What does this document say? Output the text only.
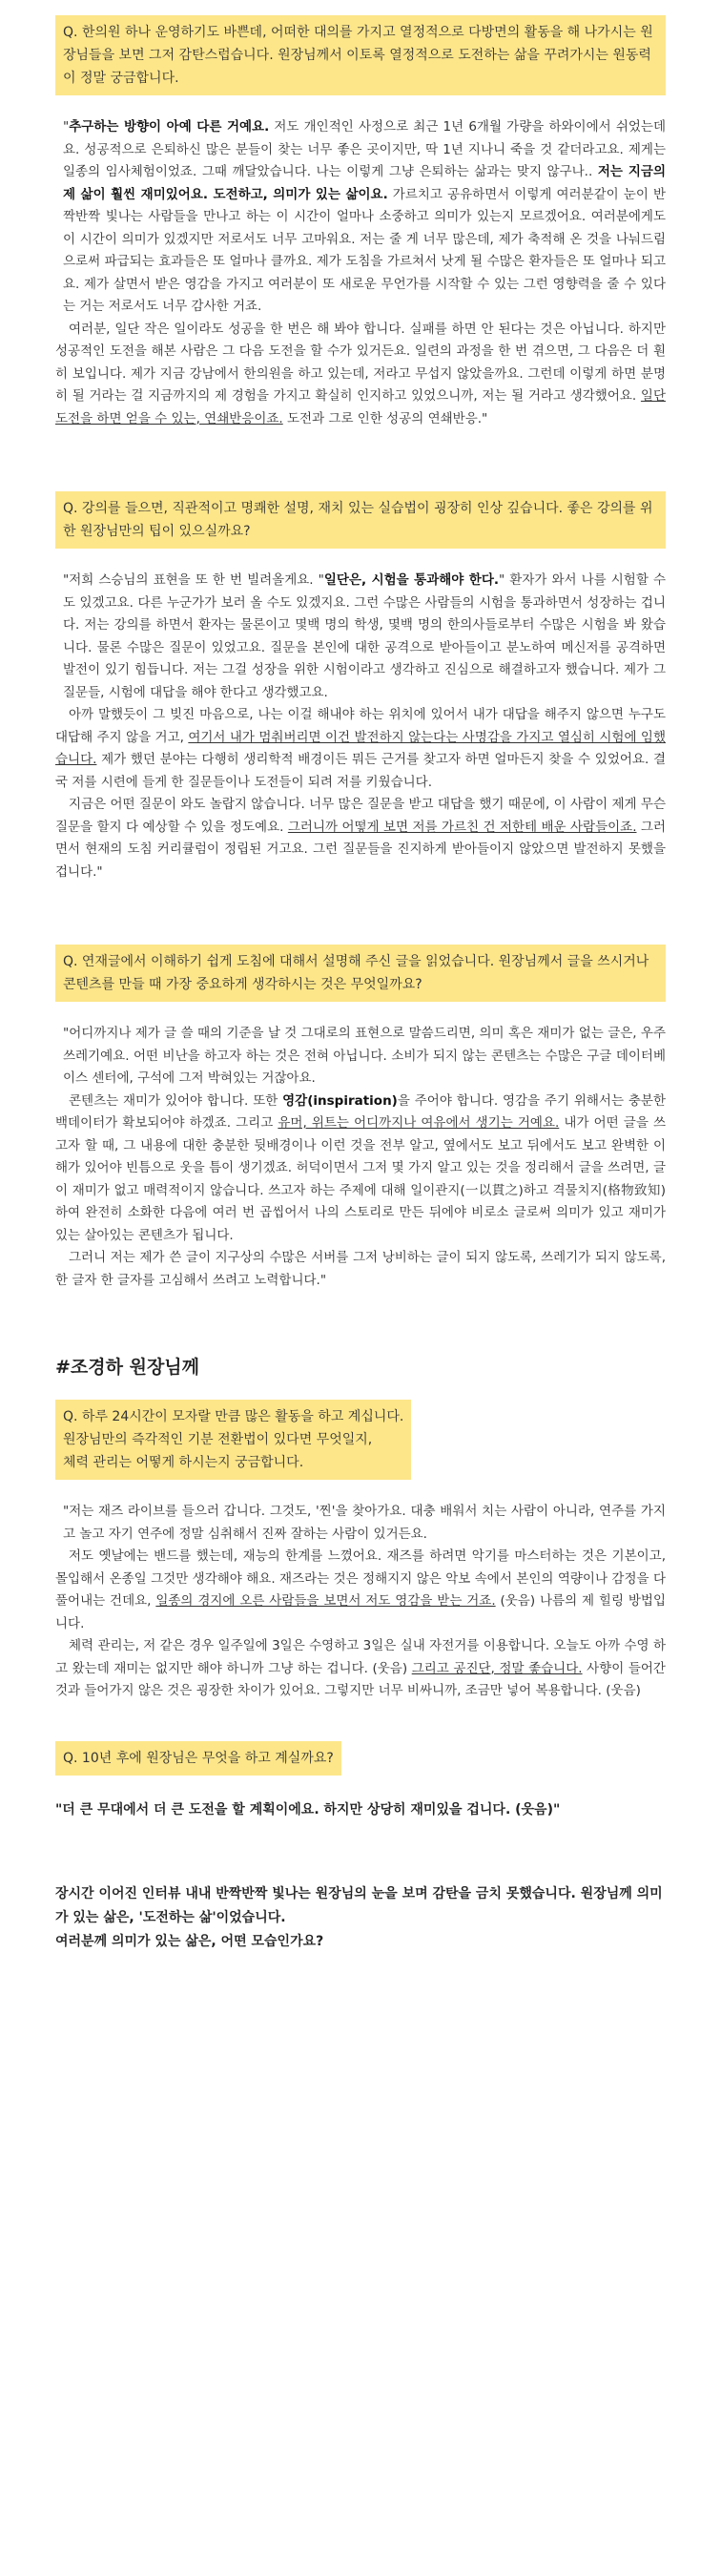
Q. 한의원 하나 운영하기도 바쁜데, 어떠한 대의를 가지고 열정적으로 다방면의 활동을 해 나가시는 원장님들을 보면 그저 감탄스럽습니다. 원장님께서 이토록 열정적으로 도전하는 삶을 꾸려가시는 원동력이 정말 궁금합니다.

"추구하는 방향이 아예 다른 거예요. 저도 개인적인 사정으로 최근 1년 6개월 가량을 하와이에서 쉬었는데요. 성공적으로 은퇴하신 많은 분들이 찾는 너무 좋은 곳이지만, 딱 1년 지나니 죽을 것 같더라고요. 제게는 일종의 임사체험이었죠. 그때 깨달았습니다. 나는 이렇게 그냥 은퇴하는 삶과는 맞지 않구나.. 저는 지금의 제 삶이 훨씬 재미있어요. 도전하고, 의미가 있는 삶이요. 가르치고 공유하면서 이렇게 여러분같이 눈이 반짝반짝 빛나는 사람들을 만나고 하는 이 시간이 얼마나 소중하고 의미가 있는지 모르겠어요. 여러분에게도 이 시간이 의미가 있겠지만 저로서도 너무 고마워요. 저는 줄 게 너무 많은데, 제가 축적해 온 것을 나눠드림으로써 파급되는 효과들은 또 얼마나 클까요. 제가 도침을 가르쳐서 낫게 될 수많은 환자들은 또 얼마나 되고요. 제가 살면서 받은 영감을 가지고 여러분이 또 새로운 무언가를 시작할 수 있는 그런 영향력을 줄 수 있다는 거는 저로서도 너무 감사한 거죠.

여러분, 일단 작은 일이라도 성공을 한 번은 해 봐야 합니다. 실패를 하면 안 된다는 것은 아닙니다. 하지만 성공적인 도전을 해본 사람은 그 다음 도전을 할 수가 있거든요. 일련의 과정을 한 번 겪으면, 그 다음은 더 훤히 보입니다. 제가 지금 강남에서 한의원을 하고 있는데, 저라고 무섭지 않았을까요. 그런데 이렇게 하면 분명히 될 거라는 걸 지금까지의 제 경험을 가지고 확실히 인지하고 있었으니까, 저는 될 거라고 생각했어요. 일단 도전을 하면 얻을 수 있는, 연쇄반응이죠. 도전과 그로 인한 성공의 연쇄반응."

Q. 강의를 들으면, 직관적이고 명쾌한 설명, 재치 있는 실습법이 굉장히 인상 깊습니다. 좋은 강의를 위한 원장님만의 팁이 있으실까요?

"저희 스승님의 표현을 또 한 번 빌려올게요. "일단은, 시험을 통과해야 한다." 환자가 와서 나를 시험할 수도 있겠고요. 다른 누군가가 보러 올 수도 있겠지요. 그런 수많은 사람들의 시험을 통과하면서 성장하는 겁니다. 저는 강의를 하면서 환자는 물론이고 몇백 명의 학생, 몇백 명의 한의사들로부터 수많은 시험을 봐 왔습니다. 물론 수많은 질문이 있었고요. 질문을 본인에 대한 공격으로 받아들이고 분노하여 메신저를 공격하면 발전이 있기 힘듭니다. 저는 그걸 성장을 위한 시험이라고 생각하고 진심으로 해결하고자 했습니다. 제가 그 질문들, 시험에 대답을 해야 한다고 생각했고요.

아까 말했듯이 그 빚진 마음으로, 나는 이걸 해내야 하는 위치에 있어서 내가 대답을 해주지 않으면 누구도 대답해 주지 않을 거고, 여기서 내가 멈춰버리면 이건 발전하지 않는다는 사명감을 가지고 열심히 시험에 임했습니다. 제가 했던 분야는 다행히 생리학적 배경이든 뭐든 근거를 찾고자 하면 얼마든지 찾을 수 있었어요. 결국 저를 시련에 들게 한 질문들이나 도전들이 되려 저를 키웠습니다.

지금은 어떤 질문이 와도 놀랍지 않습니다. 너무 많은 질문을 받고 대답을 했기 때문에, 이 사람이 제게 무슨 질문을 할지 다 예상할 수 있을 정도예요. 그러니까 어떻게 보면 저를 가르친 건 저한테 배운 사람들이죠. 그러면서 현재의 도침 커리큘럼이 정립된 거고요. 그런 질문들을 진지하게 받아들이지 않았으면 발전하지 못했을 겁니다."

Q. 연재글에서 이해하기 쉽게 도침에 대해서 설명해 주신 글을 읽었습니다. 원장님께서 글을 쓰시거나 콘텐츠를 만들 때 가장 중요하게 생각하시는 것은 무엇일까요?

"어디까지나 제가 글 쓸 때의 기준을 날 것 그대로의 표현으로 말씀드리면, 의미 혹은 재미가 없는 글은, 우주 쓰레기예요. 어떤 비난을 하고자 하는 것은 전혀 아닙니다. 소비가 되지 않는 콘텐츠는 수많은 구글 데이터베이스 센터에, 구석에 그저 박혀있는 거잖아요.

콘텐츠는 재미가 있어야 합니다. 또한 영감(inspiration)을 주어야 합니다. 영감을 주기 위해서는 충분한 백데이터가 확보되어야 하겠죠. 그리고 유머, 위트는 어디까지나 여유에서 생기는 거예요. 내가 어떤 글을 쓰고자 할 때, 그 내용에 대한 충분한 뒷배경이나 이런 것을 전부 알고, 옆에서도 보고 뒤에서도 보고 완벽한 이해가 있어야 빈틈으로 웃을 틈이 생기겠죠. 허덕이면서 그저 몇 가지 알고 있는 것을 정리해서 글을 쓰려면, 글이 재미가 없고 매력적이지 않습니다. 쓰고자 하는 주제에 대해 일이관지(一以貫之)하고 격물치지(格物致知)하여 완전히 소화한 다음에 여러 번 곱씹어서 나의 스토리로 만든 뒤에야 비로소 글로써 의미가 있고 재미가 있는 살아있는 콘텐츠가 됩니다.

그러니 저는 제가 쓴 글이 지구상의 수많은 서버를 그저 낭비하는 글이 되지 않도록, 쓰레기가 되지 않도록, 한 글자 한 글자를 고심해서 쓰려고 노력합니다."

#조경하 원장님께

Q. 하루 24시간이 모자랄 만큼 많은 활동을 하고 계십니다.

원장님만의 즉각적인 기분 전환법이 있다면 무엇일지,

체력 관리는 어떻게 하시는지 궁금합니다.

"저는 재즈 라이브를 들으러 갑니다. 그것도, '찐'을 찾아가요. 대충 배워서 치는 사람이 아니라, 연주를 가지고 놀고 자기 연주에 정말 심취해서 진짜 잘하는 사람이 있거든요.

저도 옛날에는 밴드를 했는데, 재능의 한계를 느꼈어요. 재즈를 하려면 악기를 마스터하는 것은 기본이고, 몰입해서 온종일 그것만 생각해야 해요. 재즈라는 것은 정해지지 않은 악보 속에서 본인의 역량이나 감정을 다 풀어내는 건데요, 일종의 경지에 오른 사람들을 보면서 저도 영감을 받는 거죠. (웃음) 나름의 제 힐링 방법입니다.

체력 관리는, 저 같은 경우 일주일에 3일은 수영하고 3일은 실내 자전거를 이용합니다. 오늘도 아까 수영 하고 왔는데 재미는 없지만 해야 하니까 그냥 하는 겁니다. (웃음) 그리고 공진단, 정말 좋습니다. 사향이 들어간 것과 들어가지 않은 것은 굉장한 차이가 있어요. 그렇지만 너무 비싸니까, 조금만 넣어 복용합니다. (웃음)

Q. 10년 후에 원장님은 무엇을 하고 계실까요?

"더 큰 무대에서 더 큰 도전을 할 계획이에요. 하지만 상당히 재미있을 겁니다. (웃음)"

장시간 이어진 인터뷰 내내 반짝반짝 빛나는 원장님의 눈을 보며 감탄을 금치 못했습니다. 원장님께 의미가 있는 삶은, '도전하는 삶'이었습니다.

여러분께 의미가 있는 삶은, 어떤 모습인가요?
